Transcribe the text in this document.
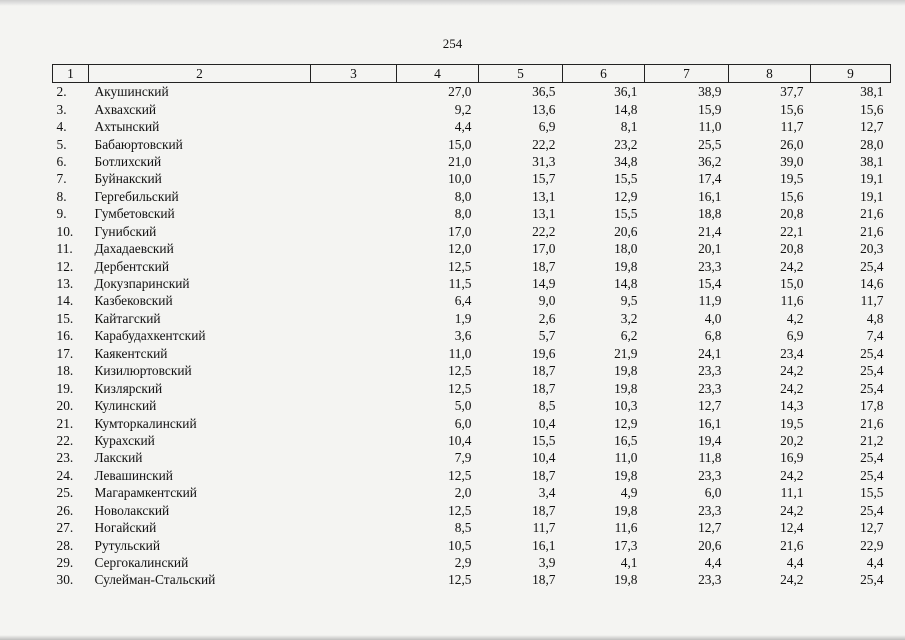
254
1	2	3	4	5	6	7	8	9
2.	Акушинский		27,0	36,5	36,1	38,9	37,7	38,1
3.	Ахвахский		9,2	13,6	14,8	15,9	15,6	15,6
4.	Ахтынский		4,4	6,9	8,1	11,0	11,7	12,7
5.	Бабаюртовский		15,0	22,2	23,2	25,5	26,0	28,0
6.	Ботлихский		21,0	31,3	34,8	36,2	39,0	38,1
7.	Буйнакский		10,0	15,7	15,5	17,4	19,5	19,1
8.	Гергебильский		8,0	13,1	12,9	16,1	15,6	19,1
9.	Гумбетовский		8,0	13,1	15,5	18,8	20,8	21,6
10.	Гунибский		17,0	22,2	20,6	21,4	22,1	21,6
11.	Дахадаевский		12,0	17,0	18,0	20,1	20,8	20,3
12.	Дербентский		12,5	18,7	19,8	23,3	24,2	25,4
13.	Докузпаринский		11,5	14,9	14,8	15,4	15,0	14,6
14.	Казбековский		6,4	9,0	9,5	11,9	11,6	11,7
15.	Кайтагский		1,9	2,6	3,2	4,0	4,2	4,8
16.	Карабудахкентский		3,6	5,7	6,2	6,8	6,9	7,4
17.	Каякентский		11,0	19,6	21,9	24,1	23,4	25,4
18.	Кизилюртовский		12,5	18,7	19,8	23,3	24,2	25,4
19.	Кизлярский		12,5	18,7	19,8	23,3	24,2	25,4
20.	Кулинский		5,0	8,5	10,3	12,7	14,3	17,8
21.	Кумторкалинский		6,0	10,4	12,9	16,1	19,5	21,6
22.	Курахский		10,4	15,5	16,5	19,4	20,2	21,2
23.	Лакский		7,9	10,4	11,0	11,8	16,9	25,4
24.	Левашинский		12,5	18,7	19,8	23,3	24,2	25,4
25.	Магарамкентский		2,0	3,4	4,9	6,0	11,1	15,5
26.	Новолакский		12,5	18,7	19,8	23,3	24,2	25,4
27.	Ногайский		8,5	11,7	11,6	12,7	12,4	12,7
28.	Рутульский		10,5	16,1	17,3	20,6	21,6	22,9
29.	Сергокалинский		2,9	3,9	4,1	4,4	4,4	4,4
30.	Сулейман-Стальский		12,5	18,7	19,8	23,3	24,2	25,4
